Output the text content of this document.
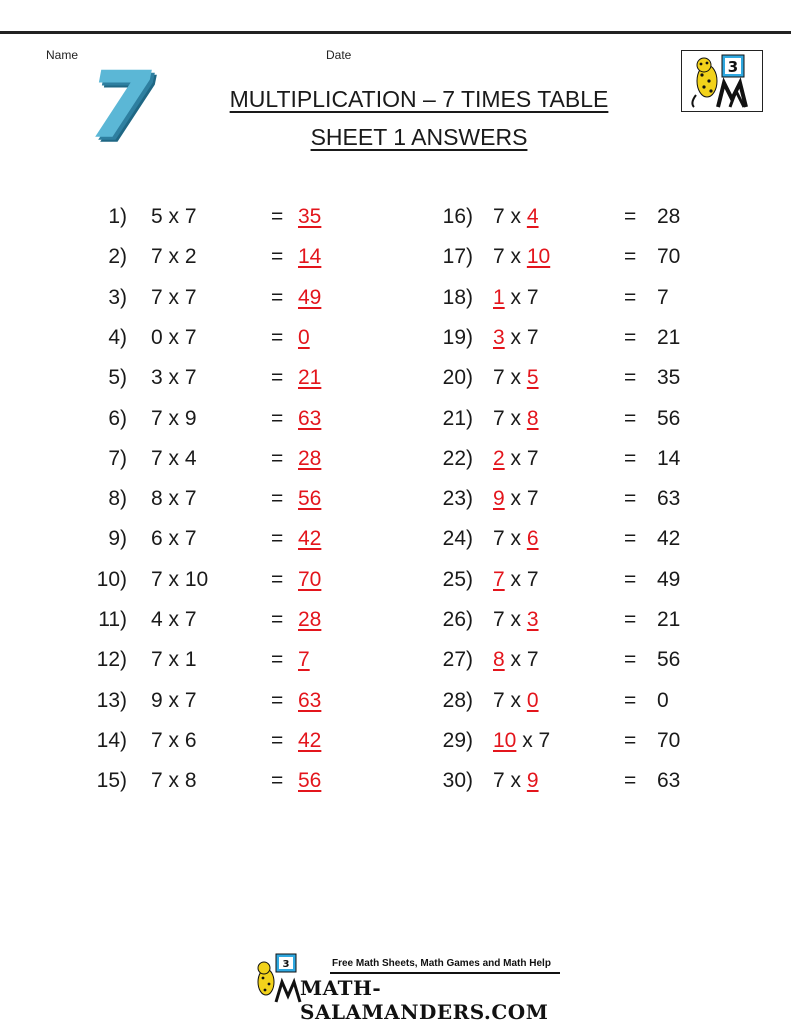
Name	Date
7	MULTIPLICATION – 7 TIMES TABLE
SHEET 1 ANSWERS
3
1) 5 x 7	= 35
2) 7 x 2	= 14
3) 7 x 7	= 49
4) 0 x 7	= 0
5) 3 x 7	= 21
6) 7 x 9	= 63
7) 7 x 4	= 28
8) 8 x 7	= 56
9) 6 x 7	= 42
10) 7 x 10	= 70
11) 4 x 7	= 28
12) 7 x 1	= 7
13) 9 x 7	= 63
14) 7 x 6	= 42
15) 7 x 8	= 56
16) 7 x 4	= 28
17) 7 x 10	= 70
18) 1 x 7	= 7
19) 3 x 7	= 21
20) 7 x 5	= 35
21) 7 x 8	= 56
22) 2 x 7	= 14
23) 9 x 7	= 63
24) 7 x 6	= 42
25) 7 x 7	= 49
26) 7 x 3	= 21
27) 8 x 7	= 56
28) 7 x 0	= 0
29) 10 x 7	= 70
30) 7 x 9	= 63
3	Free Math Sheets, Math Games and Math Help
MATH-SALAMANDERS.COM
